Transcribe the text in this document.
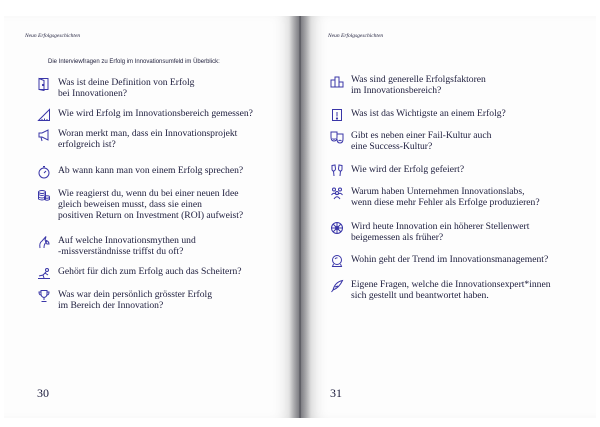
Neun Erfolgsgeschichten
Die Interviewfragen zu Erfolg im Innovationsumfeld im Überblick:
Was ist deine Definition von Erfolg
bei Innovationen?
Wie wird Erfolg im Innovationsbereich gemessen?
Woran merkt man, dass ein Innovationsprojekt
erfolgreich ist?
Ab wann kann man von einem Erfolg sprechen?
Wie reagierst du, wenn du bei einer neuen Idee
gleich beweisen musst, dass sie einen
positiven Return on Investment (ROI) aufweist?
Auf welche Innovationsmythen und
-missverständnisse triffst du oft?
Gehört für dich zum Erfolg auch das Scheitern?
Was war dein persönlich grösster Erfolg
im Bereich der Innovation?
30
Neun Erfolgsgeschichten
Was sind generelle Erfolgsfaktoren
im Innovationsbereich?
Was ist das Wichtigste an einem Erfolg?
Gibt es neben einer Fail-Kultur auch
eine Success-Kultur?
Wie wird der Erfolg gefeiert?
Warum haben Unternehmen Innovationslabs,
wenn diese mehr Fehler als Erfolge produzieren?
Wird heute Innovation ein höherer Stellenwert
beigemessen als früher?
Wohin geht der Trend im Innovationsmanagement?
Eigene Fragen, welche die Innovationsexpert*innen
sich gestellt und beantwortet haben.
31
